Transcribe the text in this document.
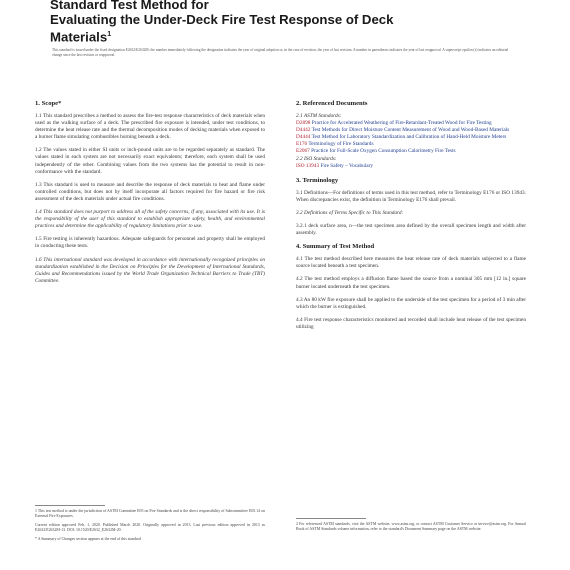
Standard Test Method for
Evaluating the Under-Deck Fire Test Response of Deck
Materials$^1$
This standard is issued under the fixed designation E2632/E2632M; the number immediately following the designation indicates the year of original adoption or, in the case of revision, the year of last revision. A number in parentheses indicates the year of last reapproval. A superscript epsilon (ε) indicates an editorial change since the last revision or reapproval.
1. Scope*

1.1 This standard prescribes a method to assess the fire-test response characteristics of deck materials when used as the walking surface of a deck. The prescribed fire exposure is intended, under test conditions, to determine the heat release rate and the thermal decomposition modes of decking materials when exposed to a burner flame simulating combustibles burning beneath a deck.

1.2 The values stated in either SI units or inch-pound units are to be regarded separately as standard. The values stated in each system are not necessarily exact equivalents; therefore, each system shall be used independently of the other. Combining values from the two systems has the potential to result in non-conformance with the standard.

1.3 This standard is used to measure and describe the response of deck materials to heat and flame under controlled conditions, but does not by itself incorporate all factors required for fire hazard or fire risk assessment of the deck materials under actual fire conditions.

1.4 This standard does not purport to address all of the safety concerns, if any, associated with its use. It is the responsibility of the user of this standard to establish appropriate safety, health, and environmental practices and determine the applicability of regulatory limitations prior to use.

1.5 Fire testing is inherently hazardous. Adequate safeguards for personnel and property shall be employed in conducting these tests.

1.6 This international standard was developed in accordance with internationally recognized principles on standardization established in the Decision on Principles for the Development of International Standards, Guides and Recommendations issued by the World Trade Organization Technical Barriers to Trade (TBT) Committee.

1 This test method is under the jurisdiction of ASTM Committee E05 on Fire Standards and is the direct responsibility of Subcommittee E05.14 on External Fire Exposures.

Current edition approved Feb. 1, 2020. Published March 2020. Originally approved in 2013. Last previous edition approved in 2013 as E2632/E2632M-13. DOI: 10.1520/E2632_E2632M-20.

* A Summary of Changes section appears at the end of this standard

2. Referenced Documents
2.1 ASTM Standards:
D2898 Practice for Accelerated Weathering of Fire-Retardant-Treated Wood for Fire Testing
D4442 Test Methods for Direct Moisture Content Measurement of Wood and Wood-Based Materials
D4444 Test Method for Laboratory Standardization and Calibration of Hand-Held Moisture Meters
E176 Terminology of Fire Standards
E2067 Practice for Full-Scale Oxygen Consumption Calorimetry Fire Tests
2.2 ISO Standards:
ISO 13943 Fire Safety – Vocabulary
3. Terminology

3.1 Definitions—For definitions of terms used in this test method, refer to Terminology E176 or ISO 13943. When discrepancies exist, the definition in Terminology E176 shall prevail.

3.2 Definitions of Terms Specific to This Standard:

3.2.1 deck surface area, n—the test specimen area defined by the overall specimen length and width after assembly.

4. Summary of Test Method

4.1 The test method described here measures the heat release rate of deck materials subjected to a flame source located beneath a test specimen.

4.2 The test method employs a diffusion flame based the source from a nominal 305 mm [12 in.] square burner located underneath the test specimen.

4.3 An 80 kW fire exposure shall be applied to the underside of the test specimen for a period of 3 min after which the burner is extinguished.

4.4 Fire test response characteristics monitored and recorded shall include heat release of the test specimen utilizing

2 For referenced ASTM standards, visit the ASTM website, www.astm.org, or contact ASTM Customer Service at service@astm.org. For Annual Book of ASTM Standards volume information, refer to the standard's Document Summary page on the ASTM website.
